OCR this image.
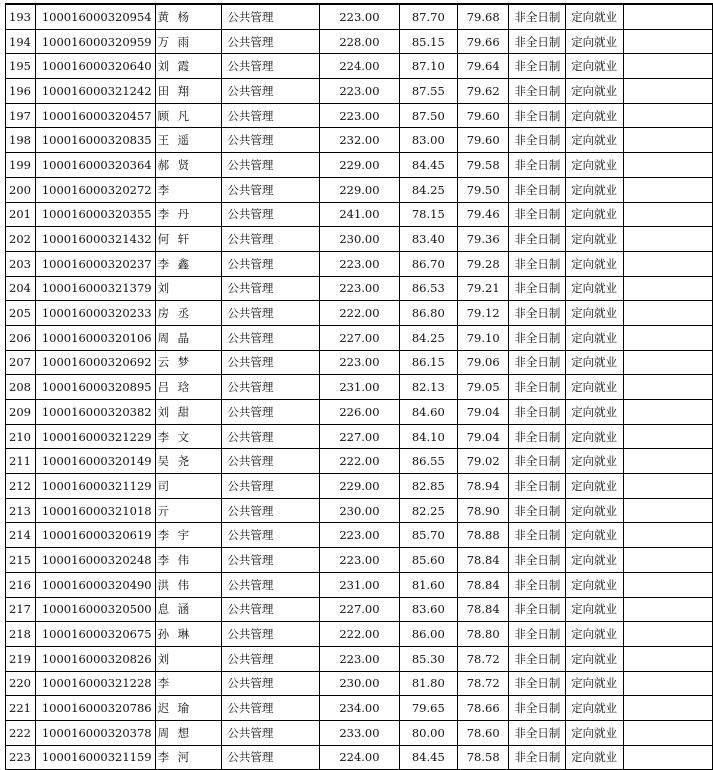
193	100016000320954	黄 杨	公共管理	223.00	87.70	79.68	非全日制	定向就业	
194	100016000320959	万 雨	公共管理	228.00	85.15	79.66	非全日制	定向就业	
195	100016000320640	刘 霞	公共管理	224.00	87.10	79.64	非全日制	定向就业	
196	100016000321242	田 翔	公共管理	223.00	87.55	79.62	非全日制	定向就业	
197	100016000320457	顾 凡	公共管理	223.00	87.50	79.60	非全日制	定向就业	
198	100016000320835	王 遥	公共管理	232.00	83.00	79.60	非全日制	定向就业	
199	100016000320364	郝 贤	公共管理	229.00	84.45	79.58	非全日制	定向就业	
200	100016000320272	李	公共管理	229.00	84.25	79.50	非全日制	定向就业	
201	100016000320355	李 丹	公共管理	241.00	78.15	79.46	非全日制	定向就业	
202	100016000321432	何 轩	公共管理	230.00	83.40	79.36	非全日制	定向就业	
203	100016000320237	李 鑫	公共管理	223.00	86.70	79.28	非全日制	定向就业	
204	100016000321379	刘	公共管理	223.00	86.53	79.21	非全日制	定向就业	
205	100016000320233	房 丞	公共管理	222.00	86.80	79.12	非全日制	定向就业	
206	100016000320106	周 晶	公共管理	227.00	84.25	79.10	非全日制	定向就业	
207	100016000320692	云 梦	公共管理	223.00	86.15	79.06	非全日制	定向就业	
208	100016000320895	吕 琀	公共管理	231.00	82.13	79.05	非全日制	定向就业	
209	100016000320382	刘 甜	公共管理	226.00	84.60	79.04	非全日制	定向就业	
210	100016000321229	李 文	公共管理	227.00	84.10	79.04	非全日制	定向就业	
211	100016000320149	吴 尧	公共管理	222.00	86.55	79.02	非全日制	定向就业	
212	100016000321129	司	公共管理	229.00	82.85	78.94	非全日制	定向就业	
213	100016000321018	亓	公共管理	230.00	82.25	78.90	非全日制	定向就业	
214	100016000320619	李 宇	公共管理	223.00	85.70	78.88	非全日制	定向就业	
215	100016000320248	李 伟	公共管理	223.00	85.60	78.84	非全日制	定向就业	
216	100016000320490	洪 伟	公共管理	231.00	81.60	78.84	非全日制	定向就业	
217	100016000320500	息 涵	公共管理	227.00	83.60	78.84	非全日制	定向就业	
218	100016000320675	孙 琳	公共管理	222.00	86.00	78.80	非全日制	定向就业	
219	100016000320826	刘	公共管理	223.00	85.30	78.72	非全日制	定向就业	
220	100016000321228	李	公共管理	230.00	81.80	78.72	非全日制	定向就业	
221	100016000320786	迟 瑜	公共管理	234.00	79.65	78.66	非全日制	定向就业	
222	100016000320378	周 想	公共管理	233.00	80.00	78.60	非全日制	定向就业	
223	100016000321159	李 河	公共管理	224.00	84.45	78.58	非全日制	定向就业	
